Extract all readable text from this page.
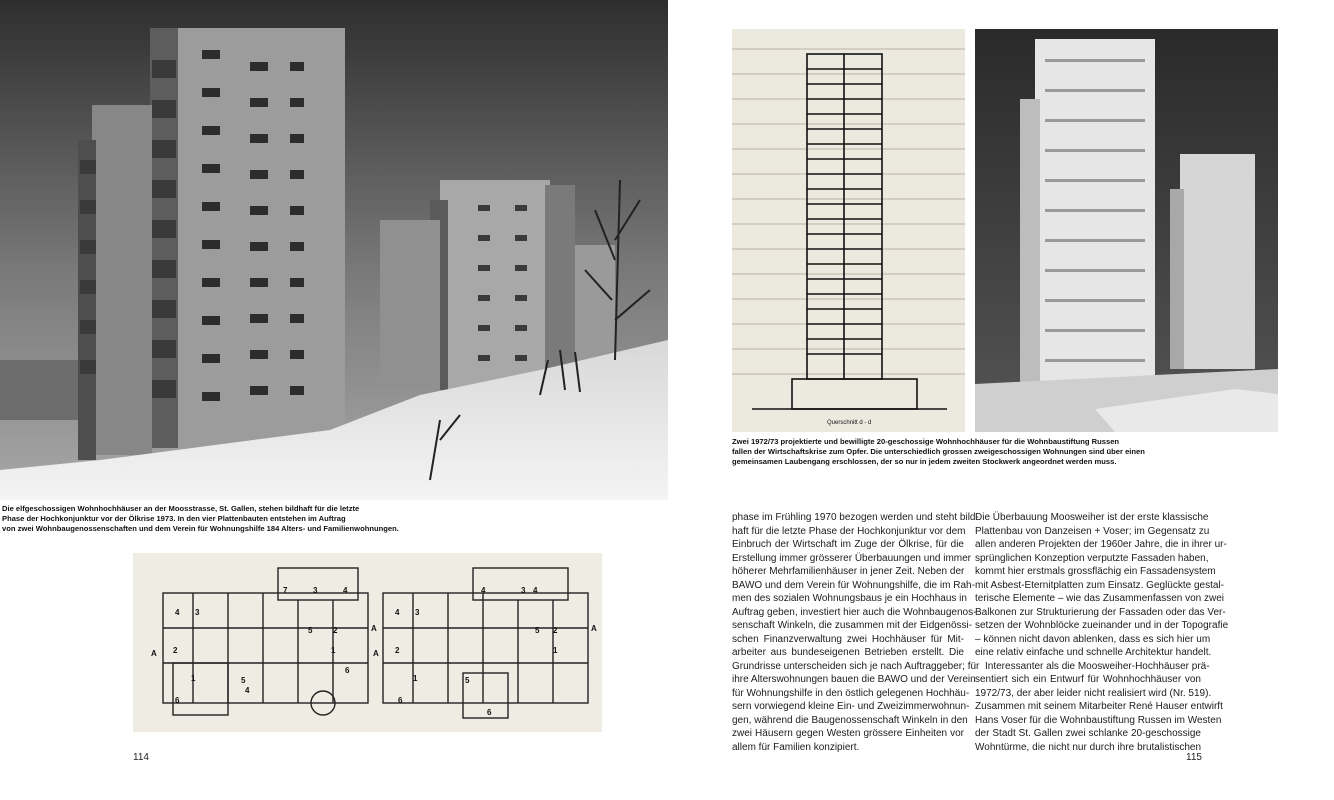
Die elfgeschossigen Wohnhochhäuser an der Moosstrasse, St. Gallen, stehen bildhaft für die letzte
Phase der Hochkonjunktur vor der Ölkrise 1973. In den vier Plattenbauten entstehen im Auftrag
von zwei Wohnbaugenossenschaften und dem Verein für Wohnungshilfe 184 Alters- und Familienwohnungen.
4 3
2
1
6
5
4
7	3	4
1
2
5
6
A
A
4 3
2
1
6
5
4	3
1
2
4
5
6
A
A
114
Querschnitt d - d
Zwei 1972/73 projektierte und bewilligte 20-geschossige Wohnhochhäuser für die Wohnbaustiftung Russen
fallen der Wirtschaftskrise zum Opfer. Die unterschiedlich grossen zweigeschossigen Wohnungen sind über einen
gemeinsamen Laubengang erschlossen, der so nur in jedem zweiten Stockwerk angeordnet werden muss.
phase im Frühling 1970 bezogen werden und steht bild-
haft für die letzte Phase der Hochkonjunktur vor dem
Einbruch der Wirtschaft im Zuge der Ölkrise, für die
Erstellung immer grösserer Überbauungen und immer
höherer Mehrfamilienhäuser in jener Zeit. Neben der
BAWO und dem Verein für Wohnungshilfe, die im Rah-
men des sozialen Wohnungsbaus je ein Hochhaus in
Auftrag geben, investiert hier auch die Wohnbaugenos-
senschaft Winkeln, die zusammen mit der Eidgenössi-
schen Finanzverwaltung zwei Hochhäuser für Mit-
arbeiter aus bundeseigenen Betrieben erstellt. Die
Grundrisse unterscheiden sich je nach Auftraggeber; für
ihre Alterswohnungen bauen die BAWO und der Verein
für Wohnungshilfe in den östlich gelegenen Hochhäu-
sern vorwiegend kleine Ein- und Zweizimmerwohnun-
gen, während die Baugenossenschaft Winkeln in den
zwei Häusern gegen Westen grössere Einheiten vor
allem für Familien konzipiert.
Die Überbauung Moosweiher ist der erste klassische
Plattenbau von Danzeisen + Voser; im Gegensatz zu
allen anderen Projekten der 1960er Jahre, die in ihrer ur-
sprünglichen Konzeption verputzte Fassaden haben,
kommt hier erstmals grossflächig ein Fassadensystem
mit Asbest-Eternitplatten zum Einsatz. Geglückte gestal-
terische Elemente – wie das Zusammenfassen von zwei
Balkonen zur Strukturierung der Fassaden oder das Ver-
setzen der Wohnblöcke zueinander und in der Topografie
– können nicht davon ablenken, dass es sich hier um
eine relativ einfache und schnelle Architektur handelt.
Interessanter als die Moosweiher-Hochhäuser prä-
sentiert sich ein Entwurf für Wohnhochhäuser von
1972/73, der aber leider nicht realisiert wird (Nr. 519).
Zusammen mit seinem Mitarbeiter René Hauser entwirft
Hans Voser für die Wohnbaustiftung Russen im Westen
der Stadt St. Gallen zwei schlanke 20-geschossige
Wohntürme, die nicht nur durch ihre brutalistischen
115
